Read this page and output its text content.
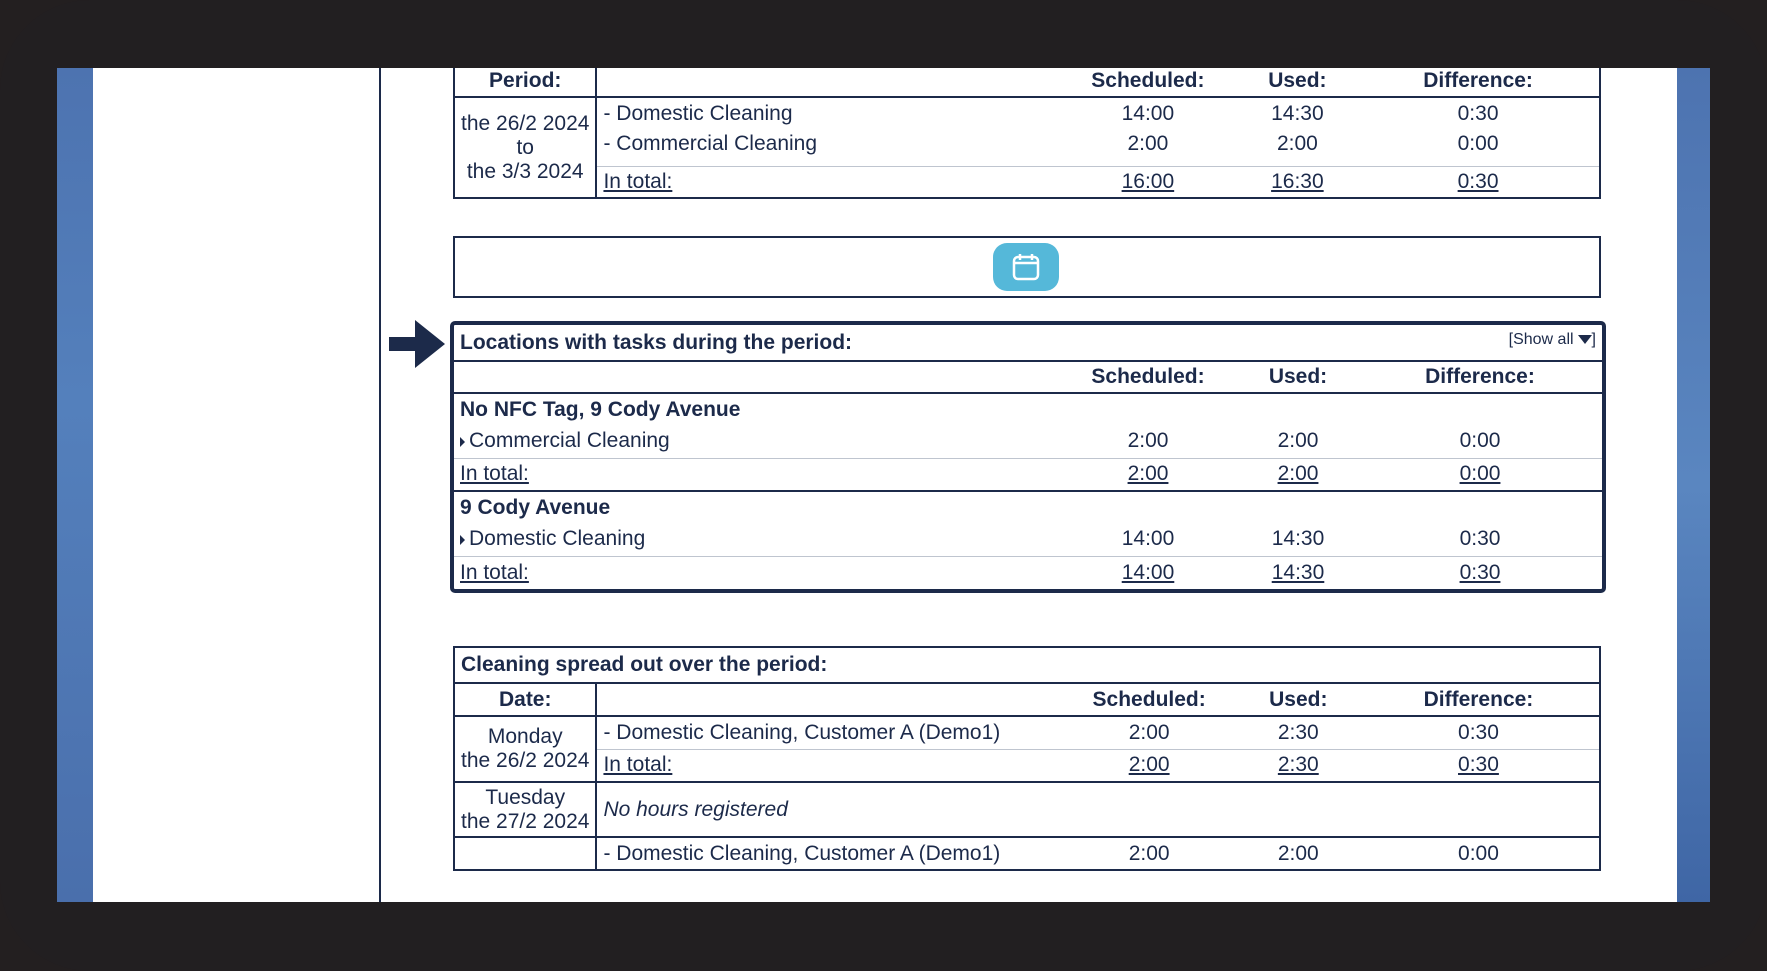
Period:		Scheduled:	Used:	Difference:

the 26/2 2024
to
the 3/3 2024	- Domestic Cleaning	14:00	14:30	0:30
	- Commercial Cleaning	2:00	2:00	0:00
	In total:	16:00	16:30	0:30
Locations with tasks during the period: [Show all ]			

	Scheduled:	Used:	Difference:
No NFC Tag, 9 Cody Avenue			
Commercial Cleaning	2:00	2:00	0:00
In total:	2:00	2:00	0:00
9 Cody Avenue			
Domestic Cleaning	14:00	14:30	0:30
In total:	14:00	14:30	0:30
Cleaning spread out over the period:				
Date:		Scheduled:	Used:	Difference:

Monday
the 26/2 2024	- Domestic Cleaning, Customer A (Demo1)	2:00	2:30	0:30
	In total:	2:00	2:30	0:30

Tuesday
the 27/2 2024	No hours registered			
	- Domestic Cleaning, Customer A (Demo1)	2:00	2:00	0:00
